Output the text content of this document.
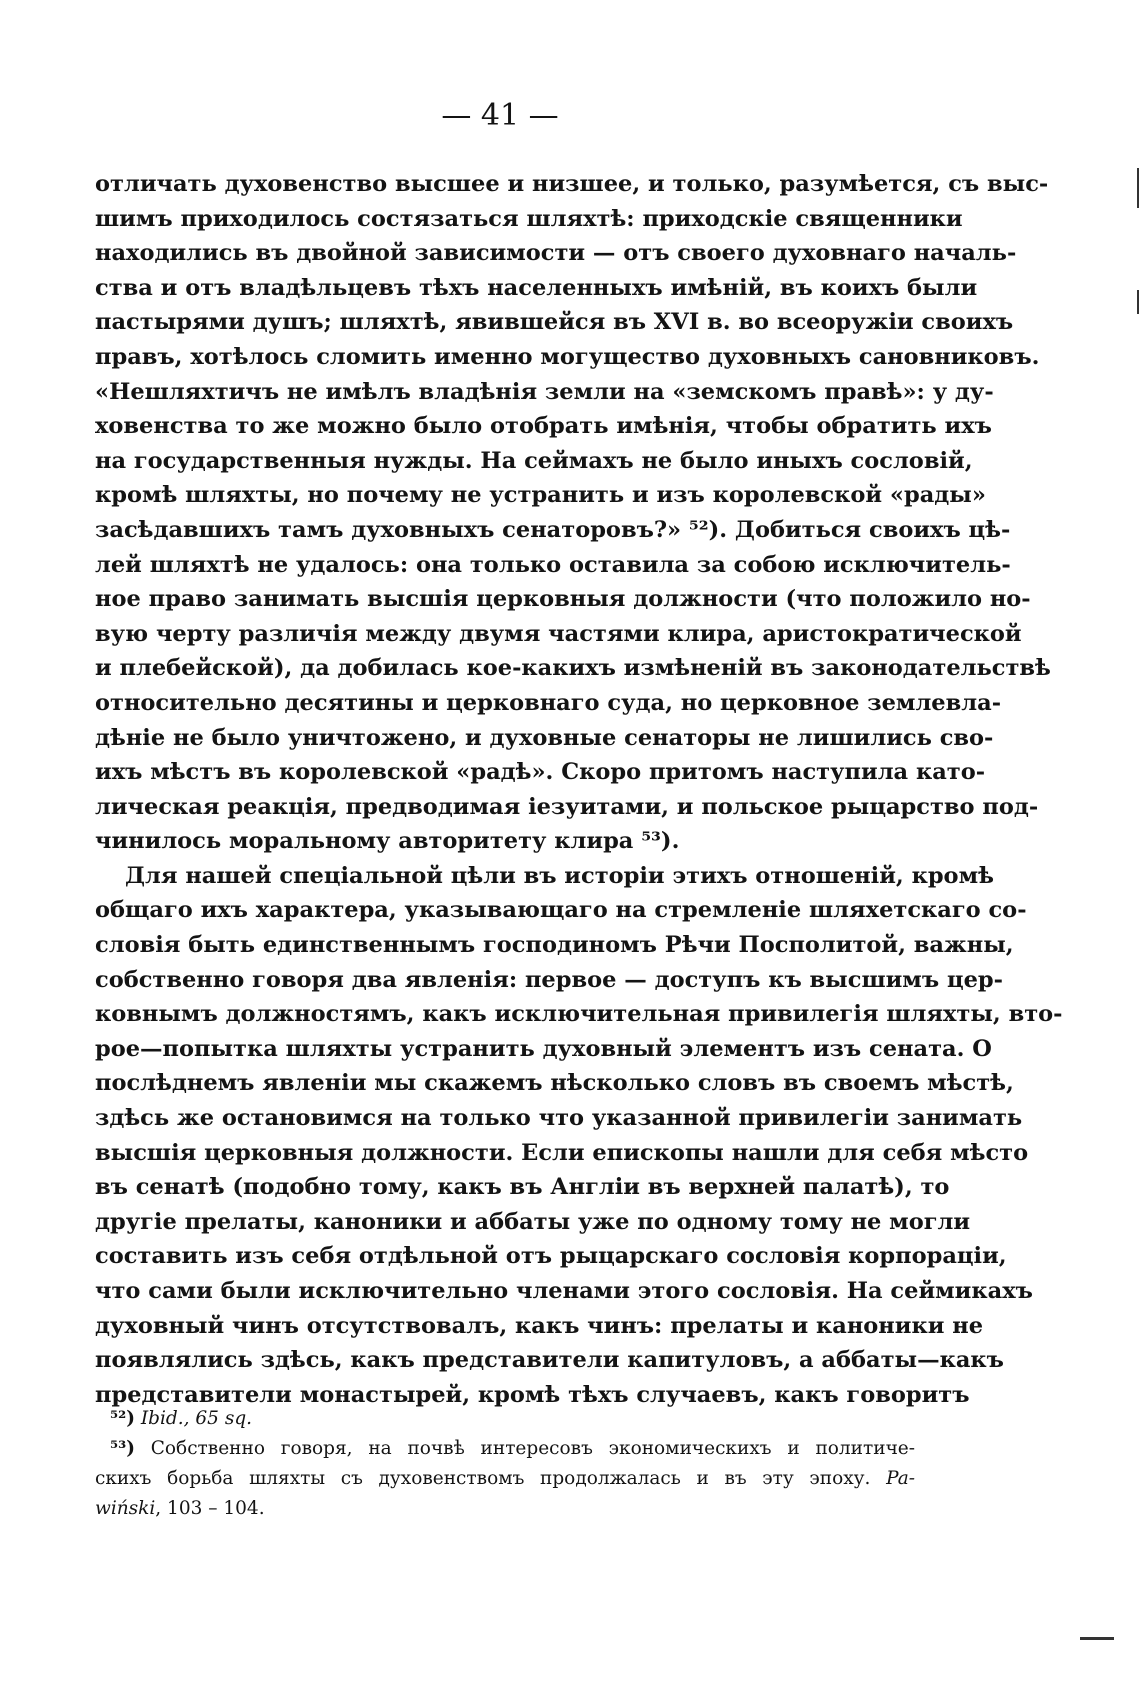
— 41 —
отличать духовенство высшее и низшее, и только, разумѣется, съ выс-
шимъ приходилось состязаться шляхтѣ: приходскіе священники
находились въ двойной зависимости — отъ своего духовнаго началь-
ства и отъ владѣльцевъ тѣхъ населенныхъ имѣній, въ коихъ были
пастырями душъ; шляхтѣ, явившейся въ XVI в. во всеоружіи своихъ
правъ, хотѣлось сломить именно могущество духовныхъ сановниковъ.
«Нешляхтичъ не имѣлъ владѣнія земли на «земскомъ правѣ»: у ду-
ховенства то же можно было отобрать имѣнія, чтобы обратить ихъ
на государственныя нужды. На сеймахъ не было иныхъ сословій,
кромѣ шляхты, но почему не устранить и изъ королевской «рады»
засѣдавшихъ тамъ духовныхъ сенаторовъ?» ⁵²). Добиться своихъ цѣ-
лей шляхтѣ не удалось: она только оставила за собою исключитель-
ное право занимать высшія церковныя должности (что положило но-
вую черту различія между двумя частями клира, аристократической
и плебейской), да добилась кое-какихъ измѣненій въ законодательствѣ
относительно десятины и церковнаго суда, но церковное землевла-
дѣніе не было уничтожено, и духовные сенаторы не лишились сво-
ихъ мѣстъ въ королевской «радѣ». Скоро притомъ наступила като-
лическая реакція, предводимая іезуитами, и польское рыцарство под-
чинилось моральному авторитету клира ⁵³).
Для нашей спеціальной цѣли въ исторіи этихъ отношеній, кромѣ
общаго ихъ характера, указывающаго на стремленіе шляхетскаго со-
словія быть единственнымъ господиномъ Рѣчи Посполитой, важны,
собственно говоря два явленія: первое — доступъ къ высшимъ цер-
ковнымъ должностямъ, какъ исключительная привилегія шляхты, вто-
рое—попытка шляхты устранить духовный элементъ изъ сената. О
послѣднемъ явленіи мы скажемъ нѣсколько словъ въ своемъ мѣстѣ,
здѣсь же остановимся на только что указанной привилегіи занимать
высшія церковныя должности. Если епископы нашли для себя мѣсто
въ сенатѣ (подобно тому, какъ въ Англіи въ верхней палатѣ), то
другіе прелаты, каноники и аббаты уже по одному тому не могли
составить изъ себя отдѣльной отъ рыцарскаго сословія корпораціи,
что сами были исключительно членами этого сословія. На сеймикахъ
духовный чинъ отсутствовалъ, какъ чинъ: прелаты и каноники не
появлялись здѣсь, какъ представители капитуловъ, а аббаты—какъ
представители монастырей, кромѣ тѣхъ случаевъ, какъ говоритъ
⁵²) Ibid., 65 sq.
⁵³) Собственно говоря, на почвѣ интересовъ экономическихъ и политиче-
скихъ борьба шляхты съ духовенствомъ продолжалась и въ эту эпоху. Pa-
wiński, 103 – 104.
